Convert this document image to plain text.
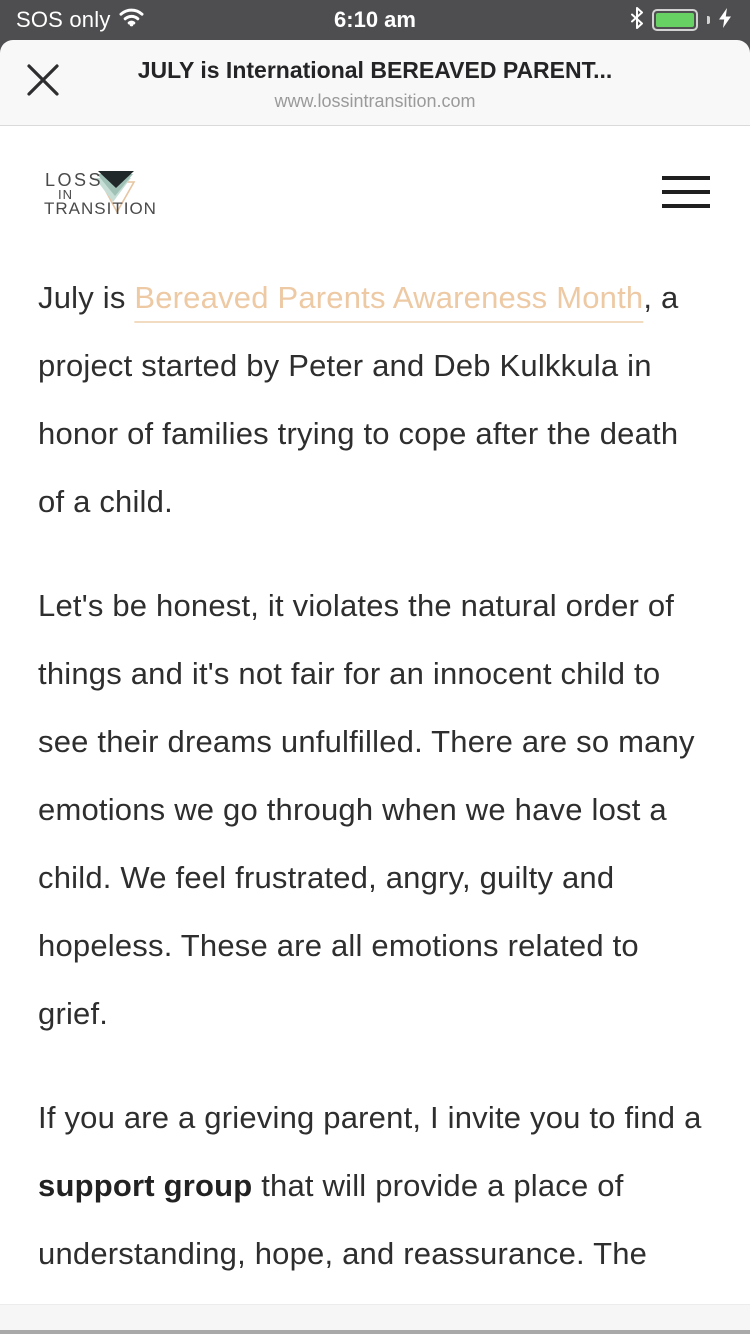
SOS only	6:10 am
JULY is International BEREAVED PARENT...
www.lossintransition.com
LOSS
IN
TRANSITION

July is Bereaved Parents Awareness Month, a project started by Peter and Deb Kulkkula in honor of families trying to cope after the death of a child.

Let's be honest, it violates the natural order of things and it's not fair for an innocent child to see their dreams unfulfilled. There are so many emotions we go through when we have lost a child. We feel frustrated, angry, guilty and hopeless. These are all emotions related to grief.

If you are a grieving parent, I invite you to find a support group that will provide a place of understanding, hope, and reassurance. The
